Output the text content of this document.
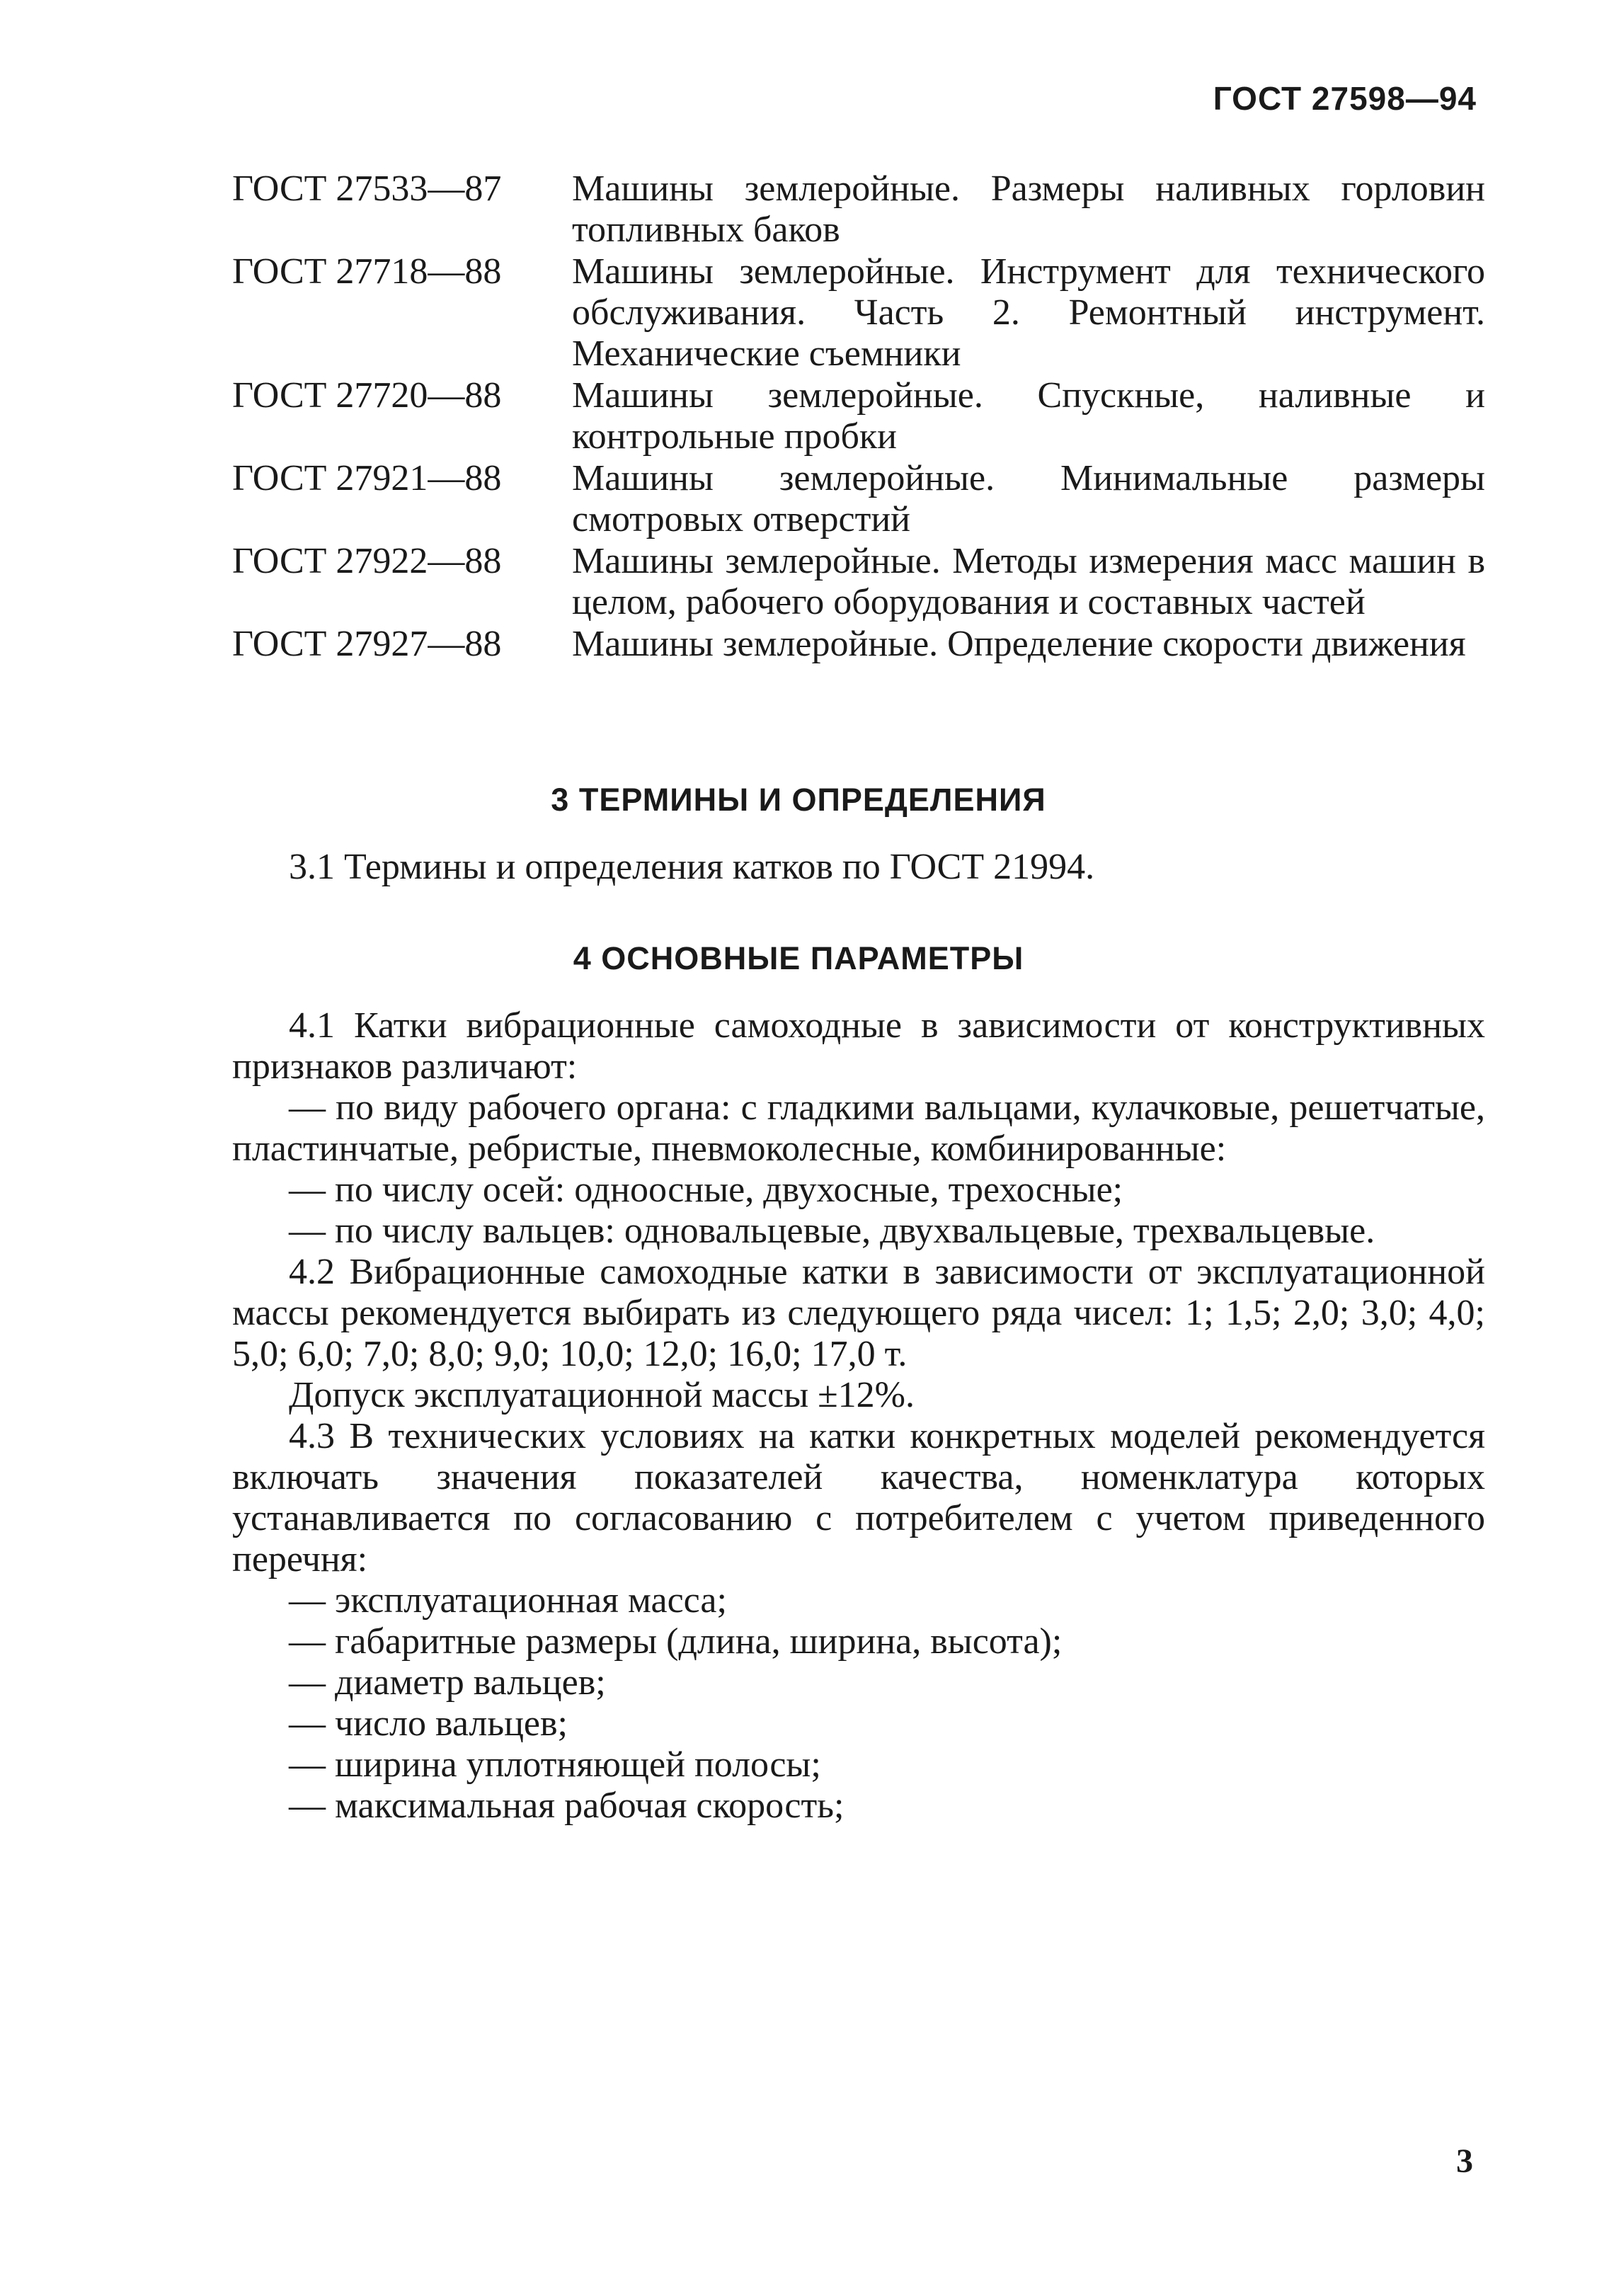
ГОСТ 27598—94
ГОСТ 27533—87	Машины землеройные. Размеры наливных горловин топливных баков
ГОСТ 27718—88	Машины землеройные. Инструмент для технического обслуживания. Часть 2. Ремонтный инструмент. Механические съемники
ГОСТ 27720—88	Машины землеройные. Спускные, наливные и контрольные пробки
ГОСТ 27921—88	Машины землеройные. Минимальные размеры смотровых отверстий
ГОСТ 27922—88	Машины землеройные. Методы измерения масс машин в целом, рабочего оборудования и составных частей
ГОСТ 27927—88	Машины землеройные. Определение скорости движения
3 ТЕРМИНЫ И ОПРЕДЕЛЕНИЯ

3.1 Термины и определения катков по ГОСТ 21994.

4 ОСНОВНЫЕ ПАРАМЕТРЫ

4.1 Катки вибрационные самоходные в зависимости от конструктивных признаков различают:

— по виду рабочего органа: с гладкими вальцами, кулачковые, решетчатые, пластинчатые, ребристые, пневмоколесные, комбинированные:

— по числу осей: одноосные, двухосные, трехосные;

— по числу вальцев: одновальцевые, двухвальцевые, трехвальцевые.

4.2 Вибрационные самоходные катки в зависимости от эксплуатационной массы рекомендуется выбирать из следующего ряда чисел: 1; 1,5; 2,0; 3,0; 4,0; 5,0; 6,0; 7,0; 8,0; 9,0; 10,0; 12,0; 16,0; 17,0 т.

Допуск эксплуатационной массы ±12%.

4.3 В технических условиях на катки конкретных моделей рекомендуется включать значения показателей качества, номенклатура которых устанавливается по согласованию с потребителем с учетом приведенного перечня:

— эксплуатационная масса;

— габаритные размеры (длина, ширина, высота);

— диаметр вальцев;

— число вальцев;

— ширина уплотняющей полосы;

— максимальная рабочая скорость;

3
